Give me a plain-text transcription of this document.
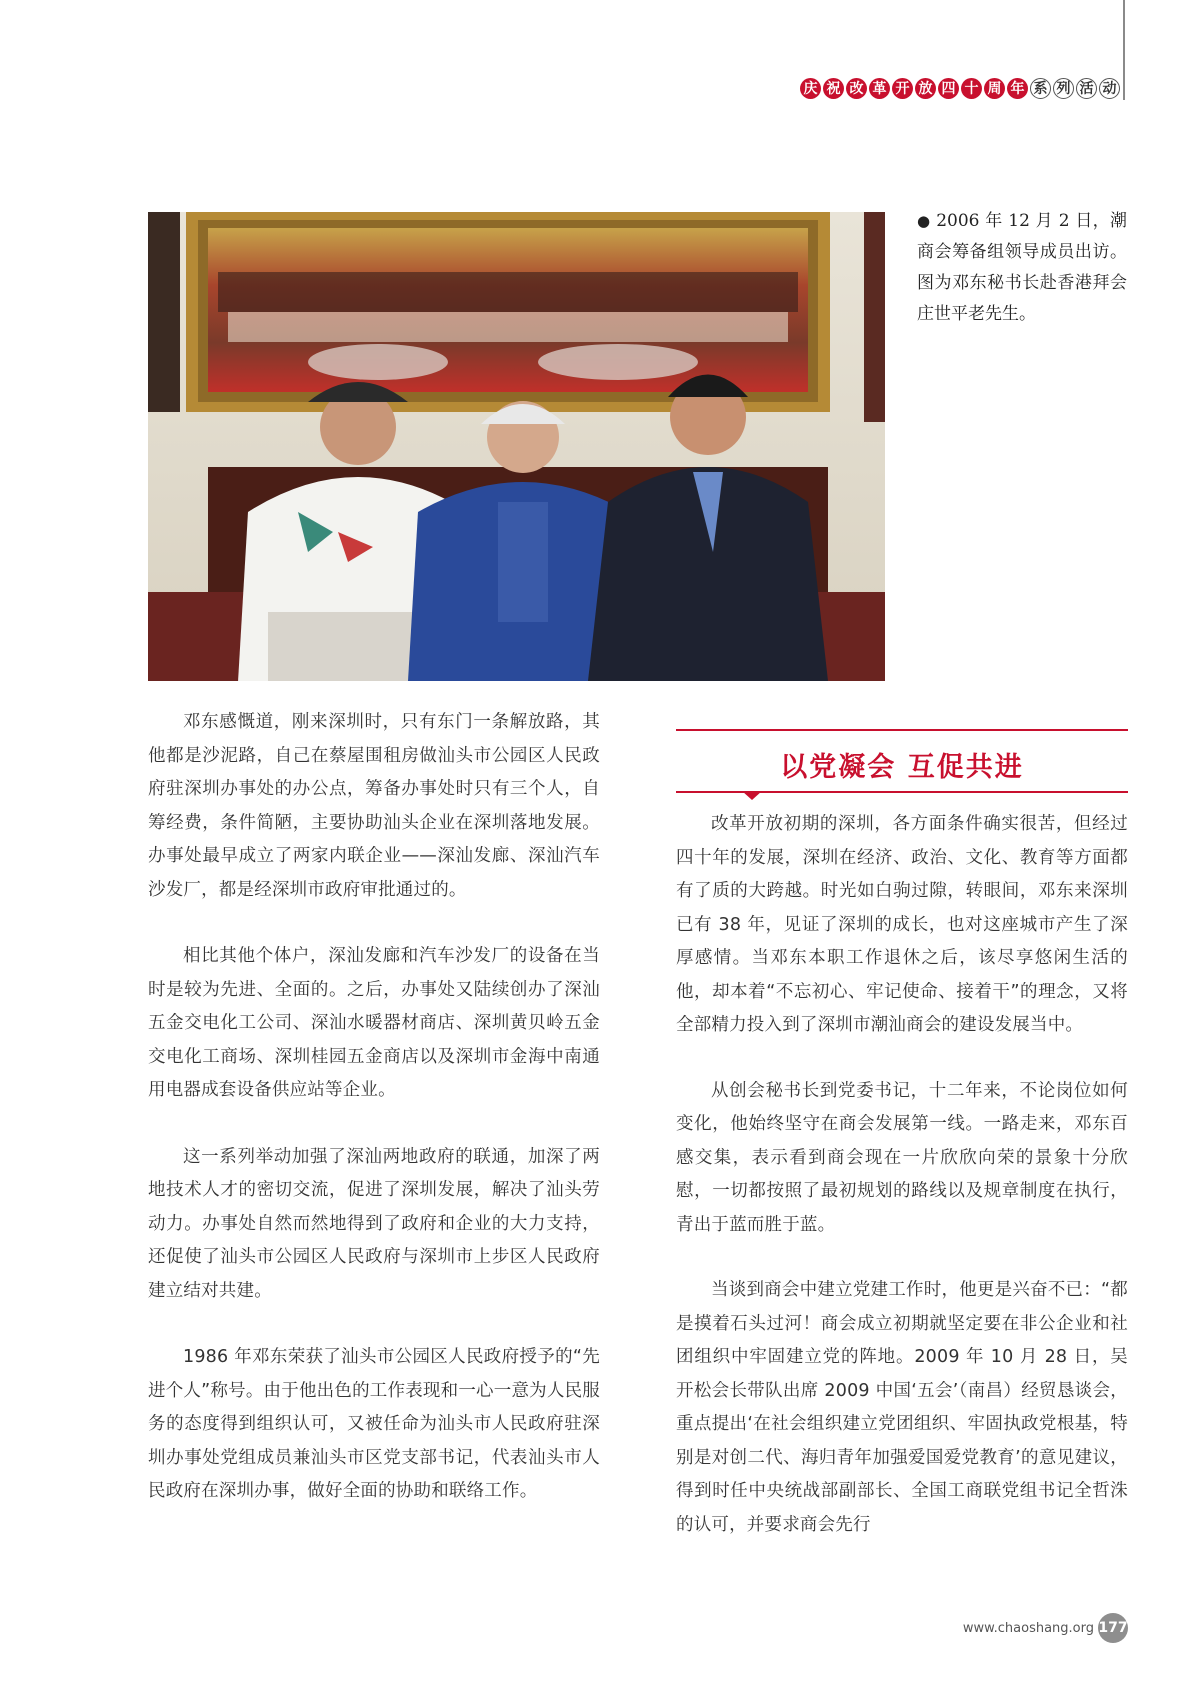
庆 祝 改 革 开 放 四 十 周 年 系 列 活 动
● 2006 年 12 月 2 日，潮商会筹备组领导成员出访。图为邓东秘书长赴香港拜会庄世平老先生。

邓东感慨道，刚来深圳时，只有东门一条解放路，其他都是沙泥路，自己在蔡屋围租房做汕头市公园区人民政府驻深圳办事处的办公点，筹备办事处时只有三个人，自筹经费，条件简陋，主要协助汕头企业在深圳落地发展。办事处最早成立了两家内联企业——深汕发廊、深汕汽车沙发厂，都是经深圳市政府审批通过的。

相比其他个体户，深汕发廊和汽车沙发厂的设备在当时是较为先进、全面的。之后，办事处又陆续创办了深汕五金交电化工公司、深汕水暖器材商店、深圳黄贝岭五金交电化工商场、深圳桂园五金商店以及深圳市金海中南通用电器成套设备供应站等企业。

这一系列举动加强了深汕两地政府的联通，加深了两地技术人才的密切交流，促进了深圳发展，解决了汕头劳动力。办事处自然而然地得到了政府和企业的大力支持，还促使了汕头市公园区人民政府与深圳市上步区人民政府建立结对共建。

1986 年邓东荣获了汕头市公园区人民政府授予的“先进个人”称号。由于他出色的工作表现和一心一意为人民服务的态度得到组织认可，又被任命为汕头市人民政府驻深圳办事处党组成员兼汕头市区党支部书记，代表汕头市人民政府在深圳办事，做好全面的协助和联络工作。

以党凝会 互促共进

改革开放初期的深圳，各方面条件确实很苦，但经过四十年的发展，深圳在经济、政治、文化、教育等方面都有了质的大跨越。时光如白驹过隙，转眼间，邓东来深圳已有 38 年，见证了深圳的成长，也对这座城市产生了深厚感情。当邓东本职工作退休之后，该尽享悠闲生活的他，却本着“不忘初心、牢记使命、接着干”的理念，又将全部精力投入到了深圳市潮汕商会的建设发展当中。

从创会秘书长到党委书记，十二年来，不论岗位如何变化，他始终坚守在商会发展第一线。一路走来，邓东百感交集，表示看到商会现在一片欣欣向荣的景象十分欣慰，一切都按照了最初规划的路线以及规章制度在执行，青出于蓝而胜于蓝。

当谈到商会中建立党建工作时，他更是兴奋不已：“都是摸着石头过河！商会成立初期就坚定要在非公企业和社团组织中牢固建立党的阵地。2009 年 10 月 28 日，吴开松会长带队出席 2009 中国‘五会’（南昌）经贸恳谈会，重点提出‘在社会组织建立党团组织、牢固执政党根基，特别是对创二代、海归青年加强爱国爱党教育’的意见建议，得到时任中央统战部副部长、全国工商联党组书记全哲洙的认可，并要求商会先行

www.chaoshang.org 177
